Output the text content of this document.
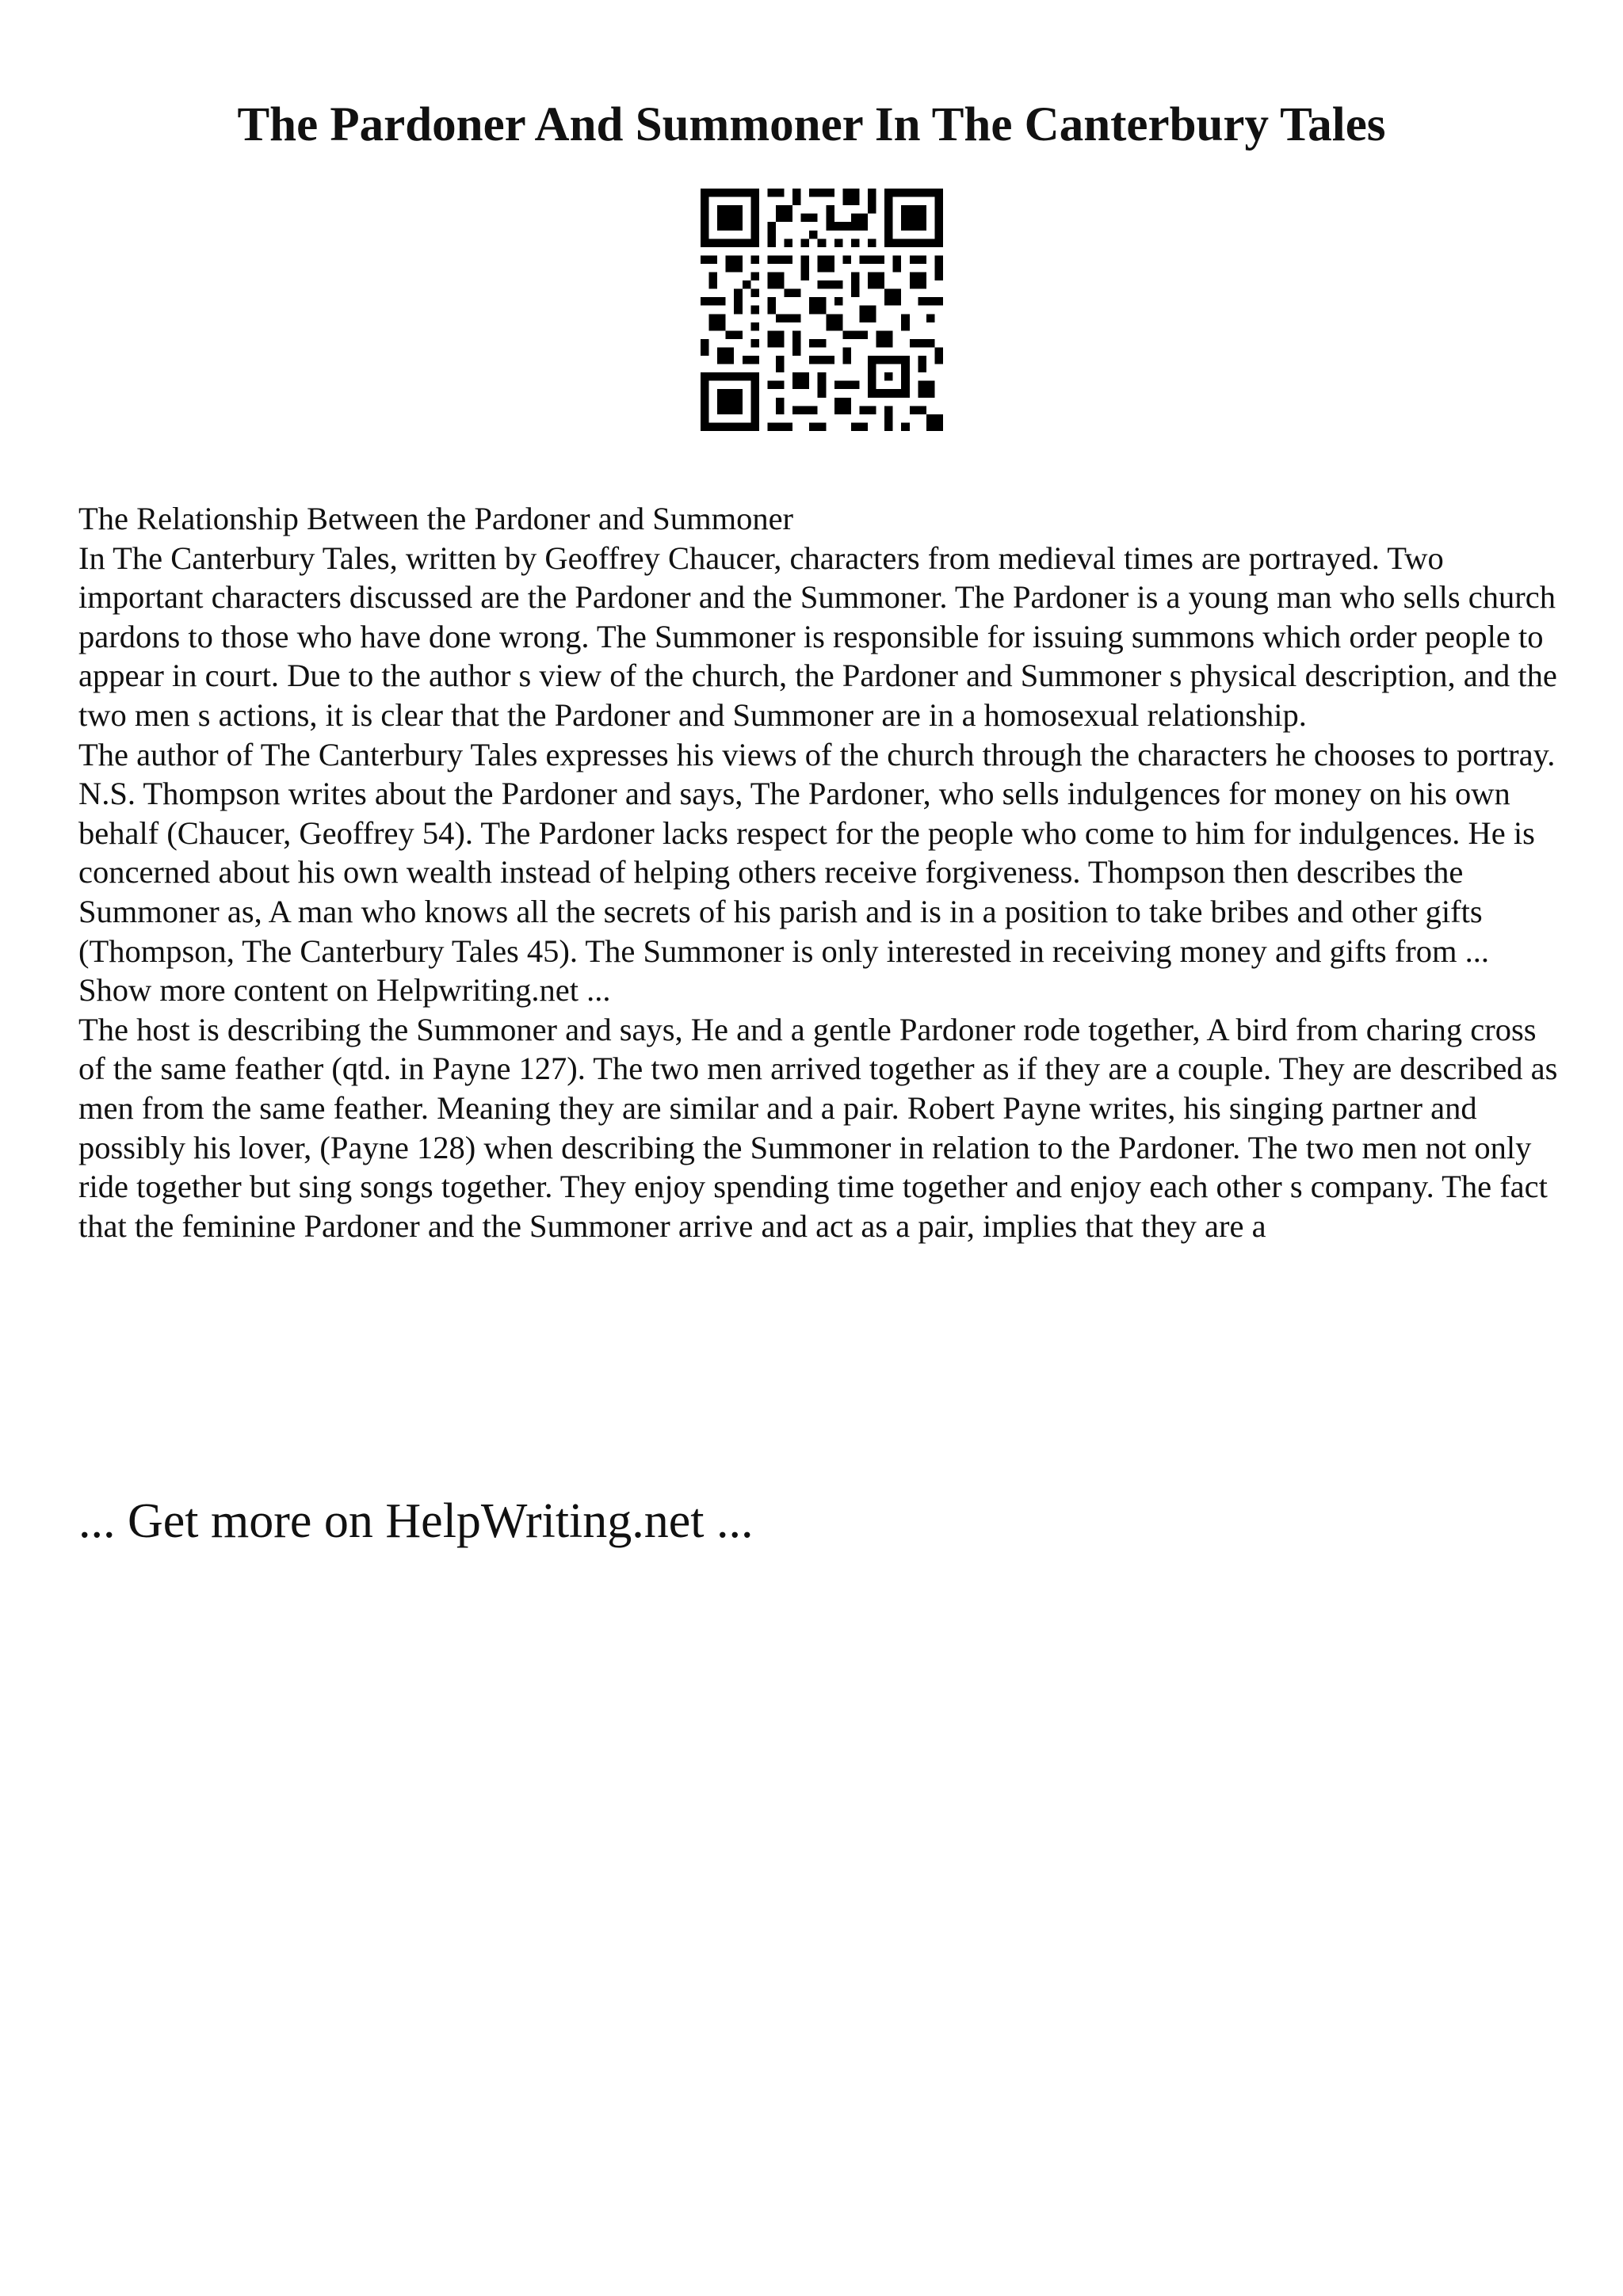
The Pardoner And Summoner In The Canterbury Tales

The Relationship Between the Pardoner and Summoner

In The Canterbury Tales, written by Geoffrey Chaucer, characters from medieval times are portrayed. Two important characters discussed are the Pardoner and the Summoner. The Pardoner is a young man who sells church pardons to those who have done wrong. The Summoner is responsible for issuing summons which order people to appear in court. Due to the author s view of the church, the Pardoner and Summoner s physical description, and the two men s actions, it is clear that the Pardoner and Summoner are in a homosexual relationship.

The author of The Canterbury Tales expresses his views of the church through the characters he chooses to portray. N.S. Thompson writes about the Pardoner and says, The Pardoner, who sells indulgences for money on his own behalf (Chaucer, Geoffrey 54). The Pardoner lacks respect for the people who come to him for indulgences. He is concerned about his own wealth instead of helping others receive forgiveness. Thompson then describes the Summoner as, A man who knows all the secrets of his parish and is in a position to take bribes and other gifts (Thompson, The Canterbury Tales 45). The Summoner is only interested in receiving money and gifts from ... Show more content on Helpwriting.net ...

The host is describing the Summoner and says, He and a gentle Pardoner rode together, A bird from charing cross of the same feather (qtd. in Payne 127). The two men arrived together as if they are a couple. They are described as men from the same feather. Meaning they are similar and a pair. Robert Payne writes, his singing partner and possibly his lover, (Payne 128) when describing the Summoner in relation to the Pardoner. The two men not only ride together but sing songs together. They enjoy spending time together and enjoy each other s company. The fact that the feminine Pardoner and the Summoner arrive and act as a pair, implies that they are a

... Get more on HelpWriting.net ...
